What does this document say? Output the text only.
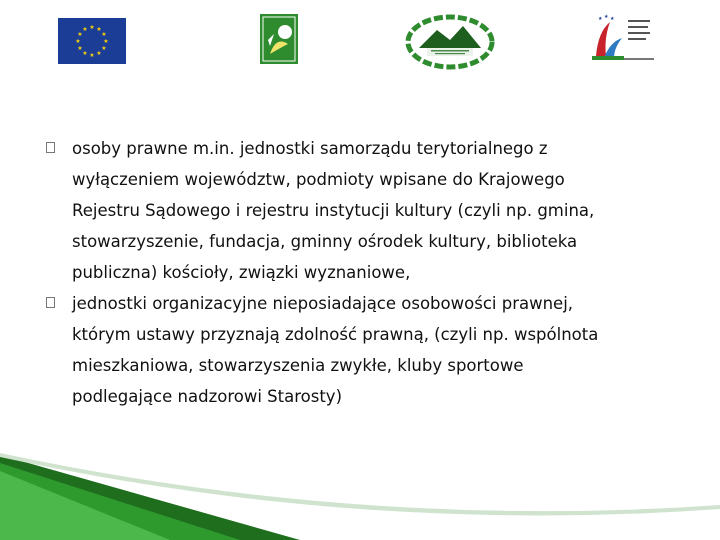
★ ★
★
★
★
★
★
★
★
★
★
★
★ ★ ★
osoby prawne m.in. jednostki samorządu terytorialnego z
wyłączeniem województw, podmioty wpisane do Krajowego
Rejestru Sądowego i rejestru instytucji kultury (czyli np. gmina,
stowarzyszenie, fundacja, gminny ośrodek kultury, biblioteka
publiczna) kościoły, związki wyznaniowe,
jednostki organizacyjne nieposiadające osobowości prawnej,
którym ustawy przyznają zdolność prawną, (czyli np. wspólnota
mieszkaniowa, stowarzyszenia zwykłe, kluby sportowe
podlegające nadzorowi Starosty)
